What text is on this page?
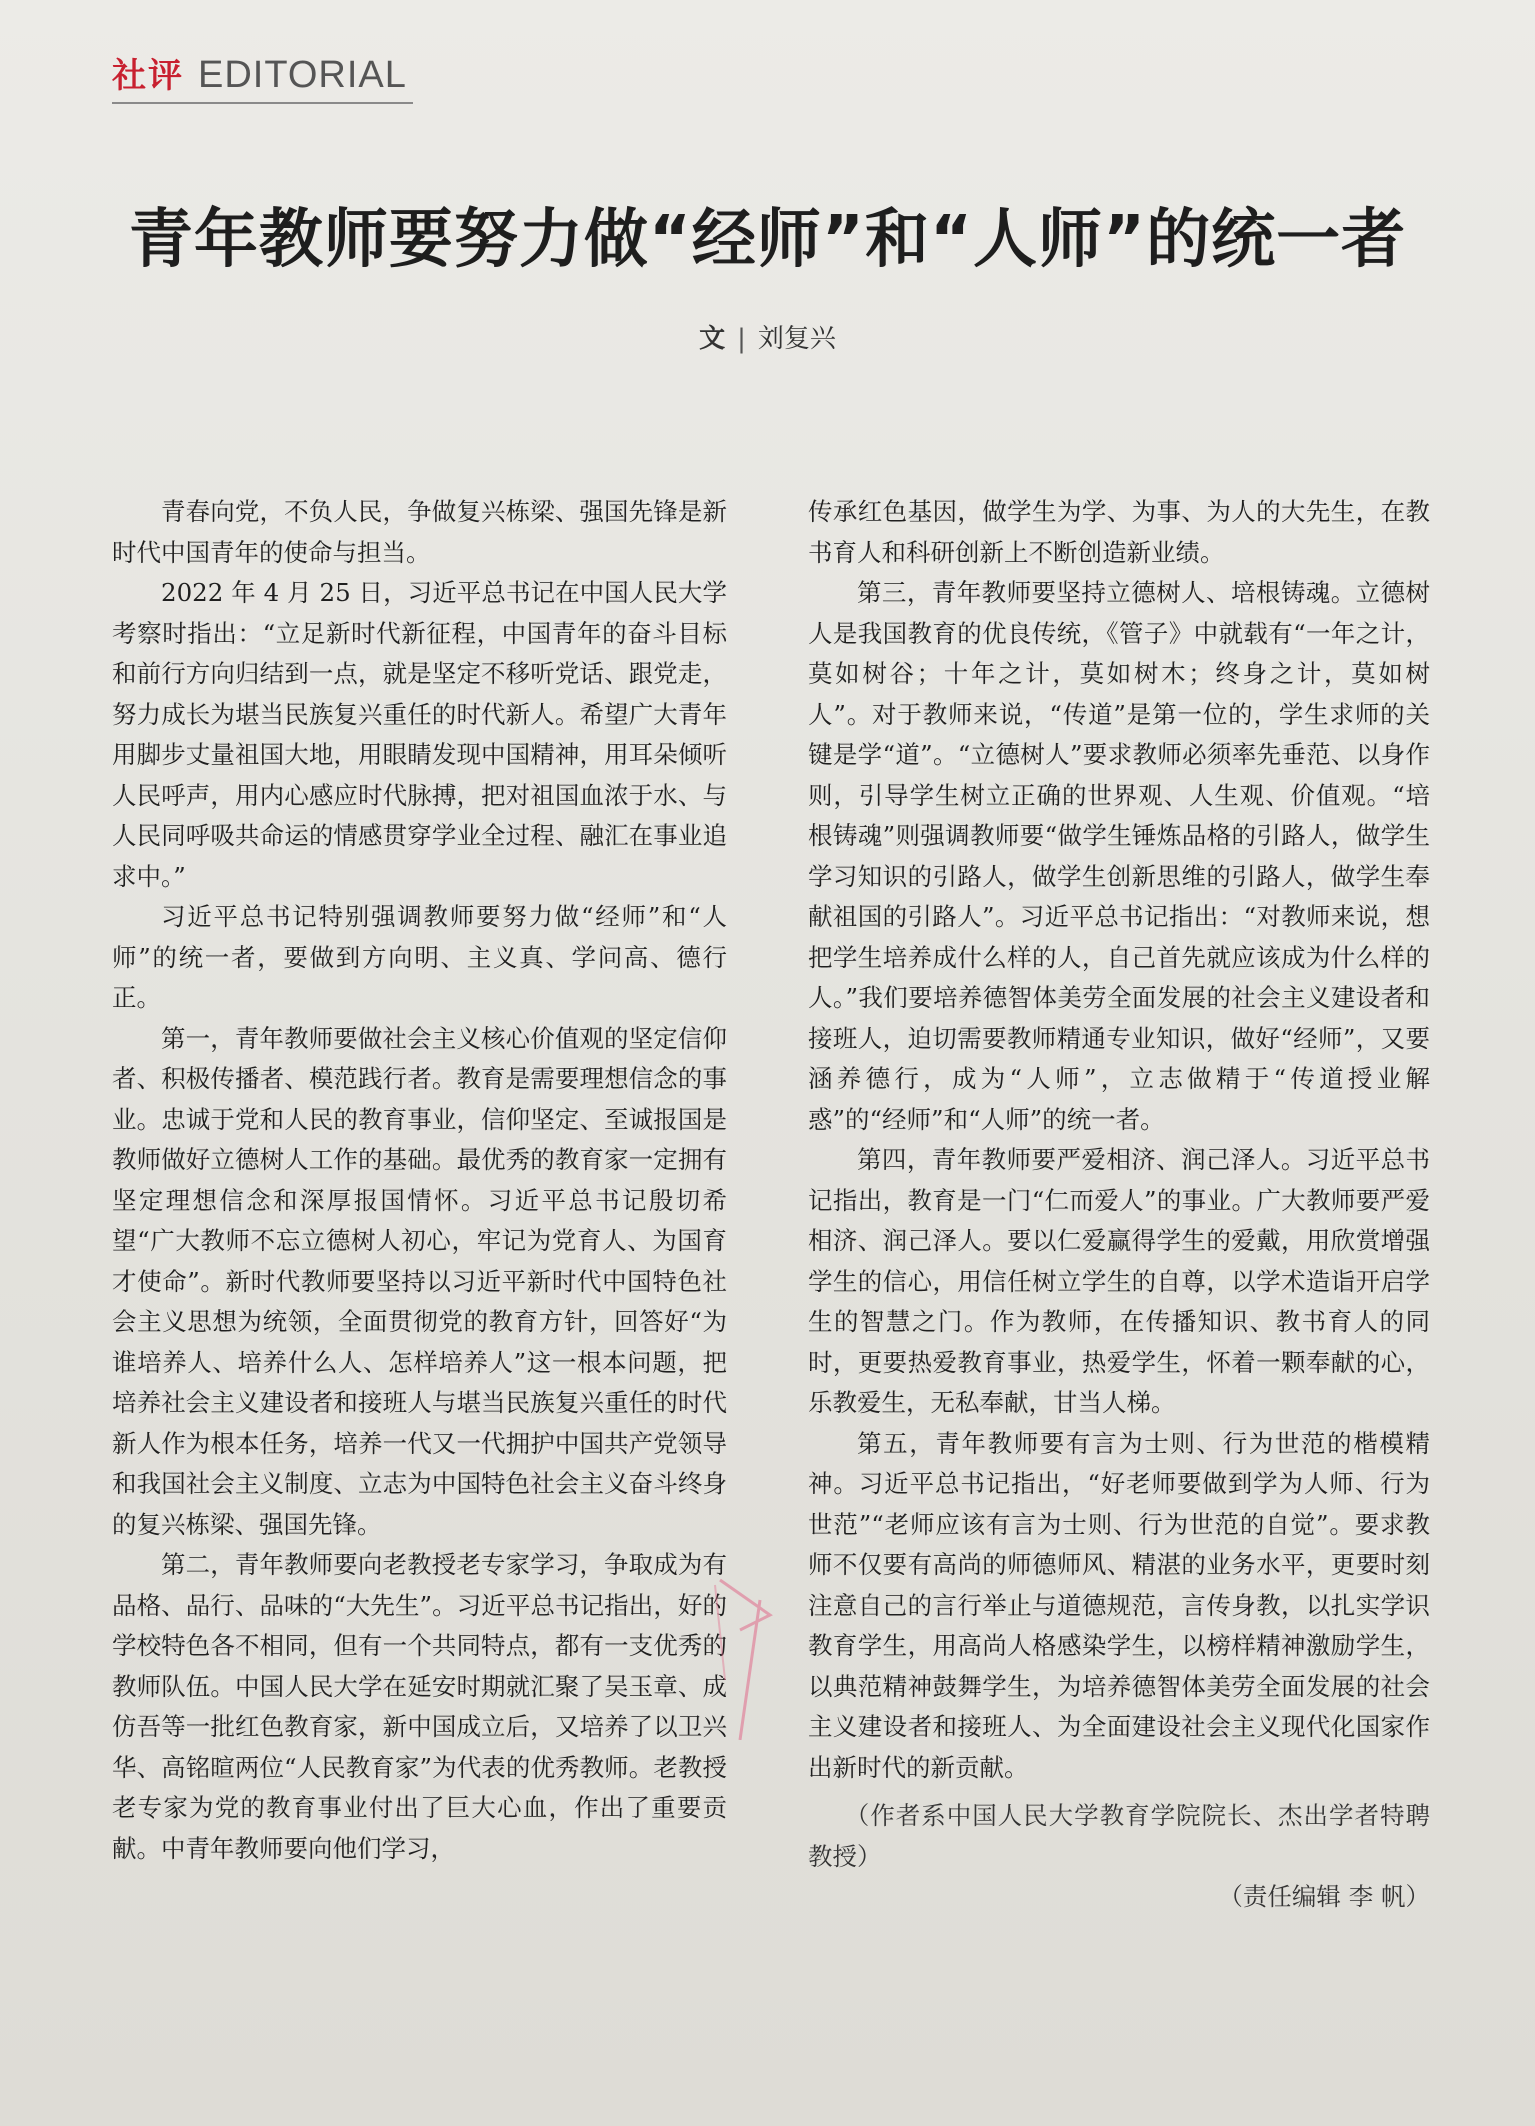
社评 EDITORIAL
青年教师要努力做“经师”和“人师”的统一者
文 | 刘复兴

青春向党，不负人民，争做复兴栋梁、强国先锋是新时代中国青年的使命与担当。

2022 年 4 月 25 日，习近平总书记在中国人民大学考察时指出：“立足新时代新征程，中国青年的奋斗目标和前行方向归结到一点，就是坚定不移听党话、跟党走，努力成长为堪当民族复兴重任的时代新人。希望广大青年用脚步丈量祖国大地，用眼睛发现中国精神，用耳朵倾听人民呼声，用内心感应时代脉搏，把对祖国血浓于水、与人民同呼吸共命运的情感贯穿学业全过程、融汇在事业追求中。”

习近平总书记特别强调教师要努力做“经师”和“人师”的统一者，要做到方向明、主义真、学问高、德行正。

第一，青年教师要做社会主义核心价值观的坚定信仰者、积极传播者、模范践行者。教育是需要理想信念的事业。忠诚于党和人民的教育事业，信仰坚定、至诚报国是教师做好立德树人工作的基础。最优秀的教育家一定拥有坚定理想信念和深厚报国情怀。习近平总书记殷切希望“广大教师不忘立德树人初心，牢记为党育人、为国育才使命”。新时代教师要坚持以习近平新时代中国特色社会主义思想为统领，全面贯彻党的教育方针，回答好“为谁培养人、培养什么人、怎样培养人”这一根本问题，把培养社会主义建设者和接班人与堪当民族复兴重任的时代新人作为根本任务，培养一代又一代拥护中国共产党领导和我国社会主义制度、立志为中国特色社会主义奋斗终身的复兴栋梁、强国先锋。

第二，青年教师要向老教授老专家学习，争取成为有品格、品行、品味的“大先生”。习近平总书记指出，好的学校特色各不相同，但有一个共同特点，都有一支优秀的教师队伍。中国人民大学在延安时期就汇聚了吴玉章、成仿吾等一批红色教育家，新中国成立后，又培养了以卫兴华、高铭暄两位“人民教育家”为代表的优秀教师。老教授老专家为党的教育事业付出了巨大心血，作出了重要贡献。中青年教师要向他们学习，

传承红色基因，做学生为学、为事、为人的大先生，在教书育人和科研创新上不断创造新业绩。

第三，青年教师要坚持立德树人、培根铸魂。立德树人是我国教育的优良传统，《管子》中就载有“一年之计，莫如树谷；十年之计，莫如树木；终身之计，莫如树人”。对于教师来说，“传道”是第一位的，学生求师的关键是学“道”。“立德树人”要求教师必须率先垂范、以身作则，引导学生树立正确的世界观、人生观、价值观。“培根铸魂”则强调教师要“做学生锤炼品格的引路人，做学生学习知识的引路人，做学生创新思维的引路人，做学生奉献祖国的引路人”。习近平总书记指出：“对教师来说，想把学生培养成什么样的人，自己首先就应该成为什么样的人。”我们要培养德智体美劳全面发展的社会主义建设者和接班人，迫切需要教师精通专业知识，做好“经师”，又要涵养德行，成为“人师”，立志做精于“传道授业解惑”的“经师”和“人师”的统一者。

第四，青年教师要严爱相济、润己泽人。习近平总书记指出，教育是一门“仁而爱人”的事业。广大教师要严爱相济、润己泽人。要以仁爱赢得学生的爱戴，用欣赏增强学生的信心，用信任树立学生的自尊，以学术造诣开启学生的智慧之门。作为教师，在传播知识、教书育人的同时，更要热爱教育事业，热爱学生，怀着一颗奉献的心，乐教爱生，无私奉献，甘当人梯。

第五，青年教师要有言为士则、行为世范的楷模精神。习近平总书记指出，“好老师要做到学为人师、行为世范”“老师应该有言为士则、行为世范的自觉”。要求教师不仅要有高尚的师德师风、精湛的业务水平，更要时刻注意自己的言行举止与道德规范，言传身教，以扎实学识教育学生，用高尚人格感染学生，以榜样精神激励学生，以典范精神鼓舞学生，为培养德智体美劳全面发展的社会主义建设者和接班人、为全面建设社会主义现代化国家作出新时代的新贡献。

（作者系中国人民大学教育学院院长、杰出学者特聘教授）

（责任编辑 李 帆）
